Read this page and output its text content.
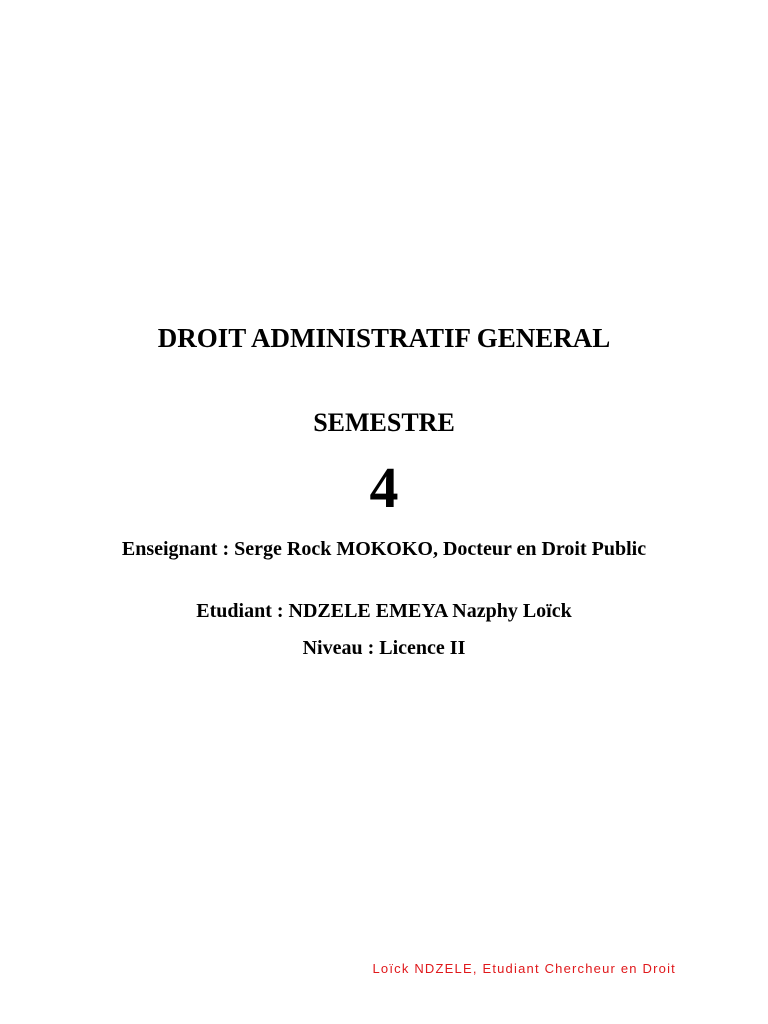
DROIT ADMINISTRATIF GENERAL
SEMESTRE
4
Enseignant : Serge Rock MOKOKO, Docteur en Droit Public
Etudiant : NDZELE EMEYA Nazphy Loïck
Niveau : Licence II
Loïck NDZELE, Etudiant Chercheur en Droit
